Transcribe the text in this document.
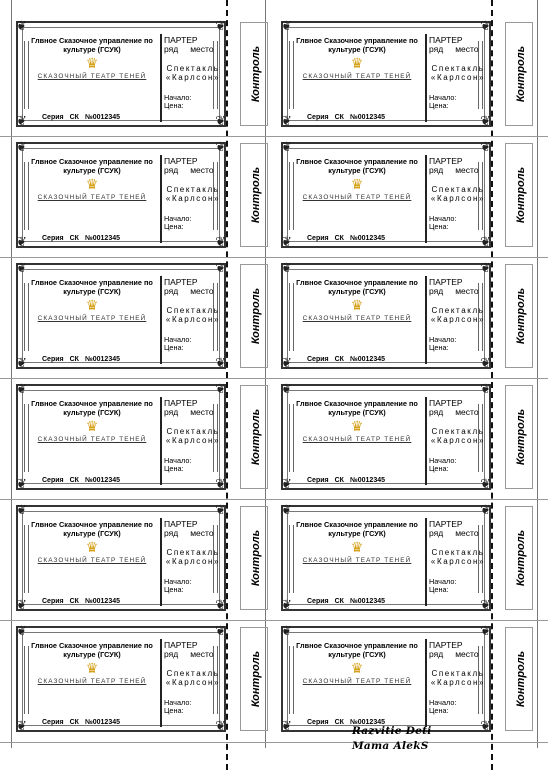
❦	❦
❦	❦
Глвное Сказочное управление по культуре (ГСУК)
♛
СКАЗОЧНЫЙ ТЕАТР ТЕНЕЙ
Серия СК №0012345
ПАРТЕР
ряд место
Спектакль
«Карлсон»
Начало:
Цена:
Контроль
❦	❦
❦	❦
Глвное Сказочное управление по культуре (ГСУК)
♛
СКАЗОЧНЫЙ ТЕАТР ТЕНЕЙ
Серия СК №0012345
ПАРТЕР
ряд место
Спектакль
«Карлсон»
Начало:
Цена:
Контроль
❦	❦
❦	❦
Глвное Сказочное управление по культуре (ГСУК)
♛
СКАЗОЧНЫЙ ТЕАТР ТЕНЕЙ
Серия СК №0012345
ПАРТЕР
ряд место
Спектакль
«Карлсон»
Начало:
Цена:
Контроль
❦	❦
❦	❦
Глвное Сказочное управление по культуре (ГСУК)
♛
СКАЗОЧНЫЙ ТЕАТР ТЕНЕЙ
Серия СК №0012345
ПАРТЕР
ряд место
Спектакль
«Карлсон»
Начало:
Цена:
Контроль
❦	❦
❦	❦
Глвное Сказочное управление по культуре (ГСУК)
♛
СКАЗОЧНЫЙ ТЕАТР ТЕНЕЙ
Серия СК №0012345
ПАРТЕР
ряд место
Спектакль
«Карлсон»
Начало:
Цена:
Контроль
❦	❦
❦	❦
Глвное Сказочное управление по культуре (ГСУК)
♛
СКАЗОЧНЫЙ ТЕАТР ТЕНЕЙ
Серия СК №0012345
ПАРТЕР
ряд место
Спектакль
«Карлсон»
Начало:
Цена:
Контроль
❦	❦
❦	❦
Глвное Сказочное управление по культуре (ГСУК)
♛
СКАЗОЧНЫЙ ТЕАТР ТЕНЕЙ
Серия СК №0012345
ПАРТЕР
ряд место
Спектакль
«Карлсон»
Начало:
Цена:
Контроль
❦	❦
❦	❦
Глвное Сказочное управление по культуре (ГСУК)
♛
СКАЗОЧНЫЙ ТЕАТР ТЕНЕЙ
Серия СК №0012345
ПАРТЕР
ряд место
Спектакль
«Карлсон»
Начало:
Цена:
Контроль
❦	❦
❦	❦
Глвное Сказочное управление по культуре (ГСУК)
♛
СКАЗОЧНЫЙ ТЕАТР ТЕНЕЙ
Серия СК №0012345
ПАРТЕР
ряд место
Спектакль
«Карлсон»
Начало:
Цена:
Контроль
❦	❦
❦	❦
Глвное Сказочное управление по культуре (ГСУК)
♛
СКАЗОЧНЫЙ ТЕАТР ТЕНЕЙ
Серия СК №0012345
ПАРТЕР
ряд место
Спектакль
«Карлсон»
Начало:
Цена:
Контроль
❦	❦
❦	❦
Глвное Сказочное управление по культуре (ГСУК)
♛
СКАЗОЧНЫЙ ТЕАТР ТЕНЕЙ
Серия СК №0012345
ПАРТЕР
ряд место
Спектакль
«Карлсон»
Начало:
Цена:
Контроль
❦	❦
❦	❦
Глвное Сказочное управление по культуре (ГСУК)
♛
СКАЗОЧНЫЙ ТЕАТР ТЕНЕЙ
Серия СК №0012345
ПАРТЕР
ряд место
Спектакль
«Карлсон»
Начало:
Цена:
Контроль
Razvitie Deti
Mama AlekS
